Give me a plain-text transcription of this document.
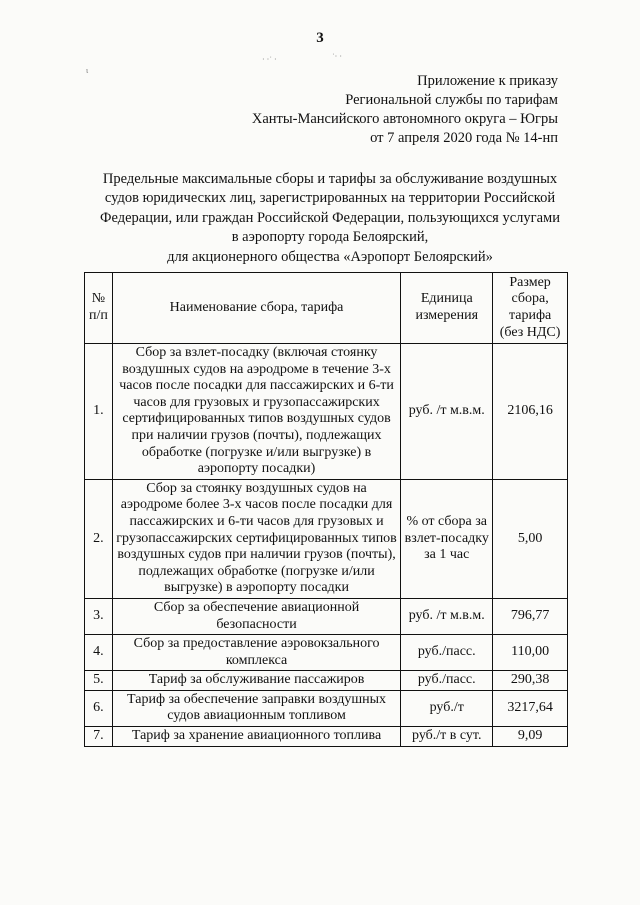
3
· ·˙ ·	˙· ·
ι
Приложение к приказу
Региональной службы по тарифам
Ханты-Мансийского автономного округа – Югры
от 7 апреля 2020 года № 14-нп
Предельные максимальные сборы и тарифы за обслуживание воздушных
судов юридических лиц, зарегистрированных на территории Российской
Федерации, или граждан Российской Федерации, пользующихся услугами
в аэропорту города Белоярский,
для акционерного общества «Аэропорт Белоярский»
№ п/п	Наименование сбора, тарифа	Единица измерения	Размер сбора, тарифа (без НДС)
1.	Сбор за взлет-посадку (включая стоянку воздушных судов на аэродроме в течение 3-х часов после посадки для пассажирских и 6-ти часов для грузовых и грузопассажирских сертифицированных типов воздушных судов при наличии грузов (почты), подлежащих обработке (погрузке и/или выгрузке) в аэропорту посадки)	руб. /т м.в.м.	2106,16
2.	Сбор за стоянку воздушных судов на аэродроме более 3-х часов после посадки для пассажирских и 6-ти часов для грузовых и грузопассажирских сертифицированных типов воздушных судов при наличии грузов (почты), подлежащих обработке (погрузке и/или выгрузке) в аэропорту посадки	% от сбора за взлет-посадку за 1 час	5,00
3.	Сбор за обеспечение авиационной безопасности	руб. /т м.в.м.	796,77
4.	Сбор за предоставление аэровокзального комплекса	руб./пасс.	110,00
5.	Тариф за обслуживание пассажиров	руб./пасс.	290,38
6.	Тариф за обеспечение заправки воздушных судов авиационным топливом	руб./т	3217,64
7.	Тариф за хранение авиационного топлива	руб./т в сут.	9,09
